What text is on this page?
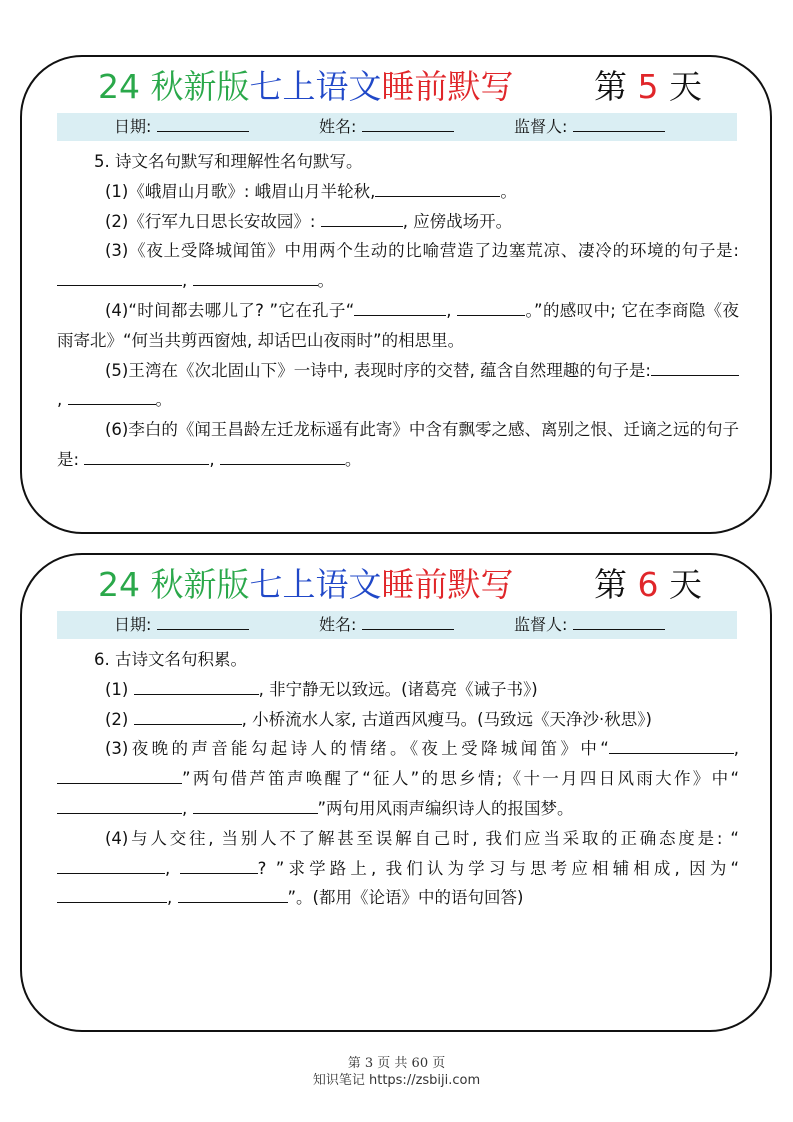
24 秋新版七上语文睡前默写 第 5 天
日期:	姓名:	监督人:

5. 诗文名句默写和理解性名句默写。

(1)《峨眉山月歌》: 峨眉山月半轮秋,	。

(2)《行军九日思长安故园》:	, 应傍战场开。

(3)《夜上受降城闻笛》中用两个生动的比喻营造了边塞荒凉、凄冷的环境的句子是: ,	。

(4)“时间都去哪儿了? ”它在孔子“	,	。”的感叹中; 它在李商隐《夜雨寄北》“何当共剪西窗烛, 却话巴山夜雨时”的相思里。

(5)王湾在《次北固山下》一诗中, 表现时序的交替, 蕴含自然理趣的句子是:,	。

(6)李白的《闻王昌龄左迁龙标遥有此寄》中含有飘零之感、离别之恨、迁谪之远的句子是:	,	。

24 秋新版七上语文睡前默写 第 6 天
日期:	姓名:	监督人:

6. 古诗文名句积累。

(1)	, 非宁静无以致远。(诸葛亮《诫子书》)

(2)	, 小桥流水人家, 古道西风瘦马。(马致远《天净沙·秋思》)

(3)夜晚的声音能勾起诗人的情绪。《夜上受降城闻笛》中“	, ”两句借芦笛声唤醒了“征人”的思乡情;《十一月四日风雨大作》中“,	”两句用风雨声编织诗人的报国梦。

(4)与人交往, 当别人不了解甚至误解自己时, 我们应当采取的正确态度是: “,	? ”求学路上, 我们认为学习与思考应相辅相成, 因为“,	”。(都用《论语》中的语句回答)

第 3 页 共 60 页
知识笔记 https://zsbiji.com
